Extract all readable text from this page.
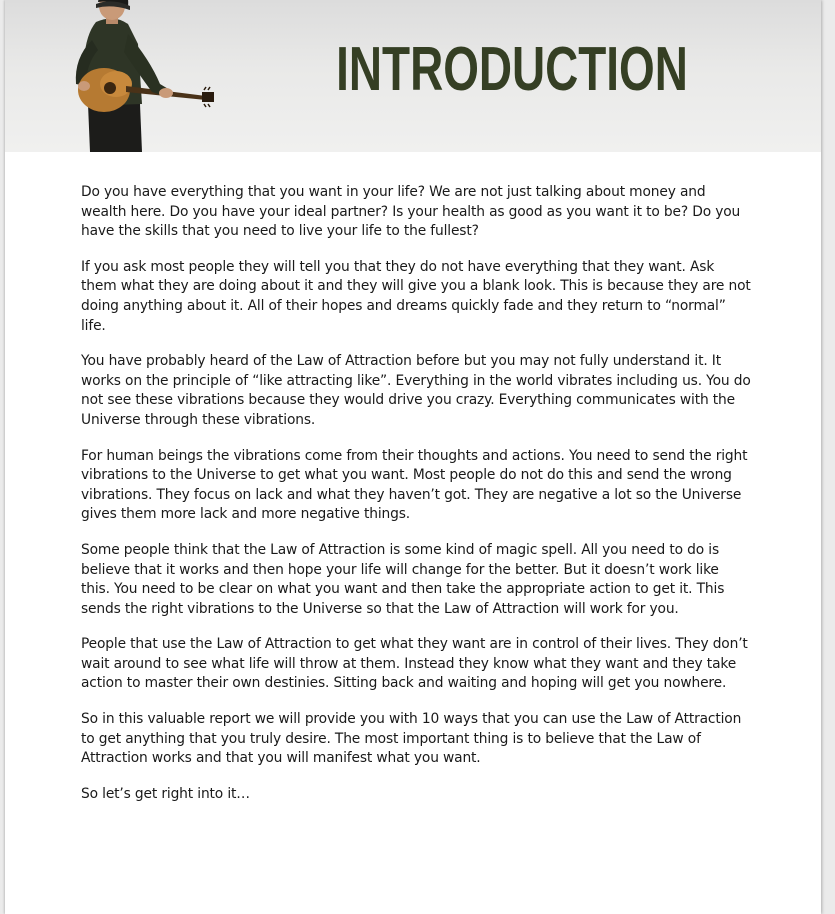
INTRODUCTION

Do you have everything that you want in your life? We are not just talking about money and wealth here. Do you have your ideal partner? Is your health as good as you want it to be? Do you have the skills that you need to live your life to the fullest?

If you ask most people they will tell you that they do not have everything that they want. Ask them what they are doing about it and they will give you a blank look. This is because they are not doing anything about it. All of their hopes and dreams quickly fade and they return to “normal” life.

You have probably heard of the Law of Attraction before but you may not fully understand it. It works on the principle of “like attracting like”. Everything in the world vibrates including us. You do not see these vibrations because they would drive you crazy. Everything communicates with the Universe through these vibrations.

For human beings the vibrations come from their thoughts and actions. You need to send the right vibrations to the Universe to get what you want. Most people do not do this and send the wrong vibrations. They focus on lack and what they haven’t got. They are negative a lot so the Universe gives them more lack and more negative things.

Some people think that the Law of Attraction is some kind of magic spell. All you need to do is believe that it works and then hope your life will change for the better. But it doesn’t work like this. You need to be clear on what you want and then take the appropriate action to get it. This sends the right vibrations to the Universe so that the Law of Attraction will work for you.

People that use the Law of Attraction to get what they want are in control of their lives. They don’t wait around to see what life will throw at them. Instead they know what they want and they take action to master their own destinies. Sitting back and waiting and hoping will get you nowhere.

So in this valuable report we will provide you with 10 ways that you can use the Law of Attraction to get anything that you truly desire. The most important thing is to believe that the Law of Attraction works and that you will manifest what you want.

So let’s get right into it…
